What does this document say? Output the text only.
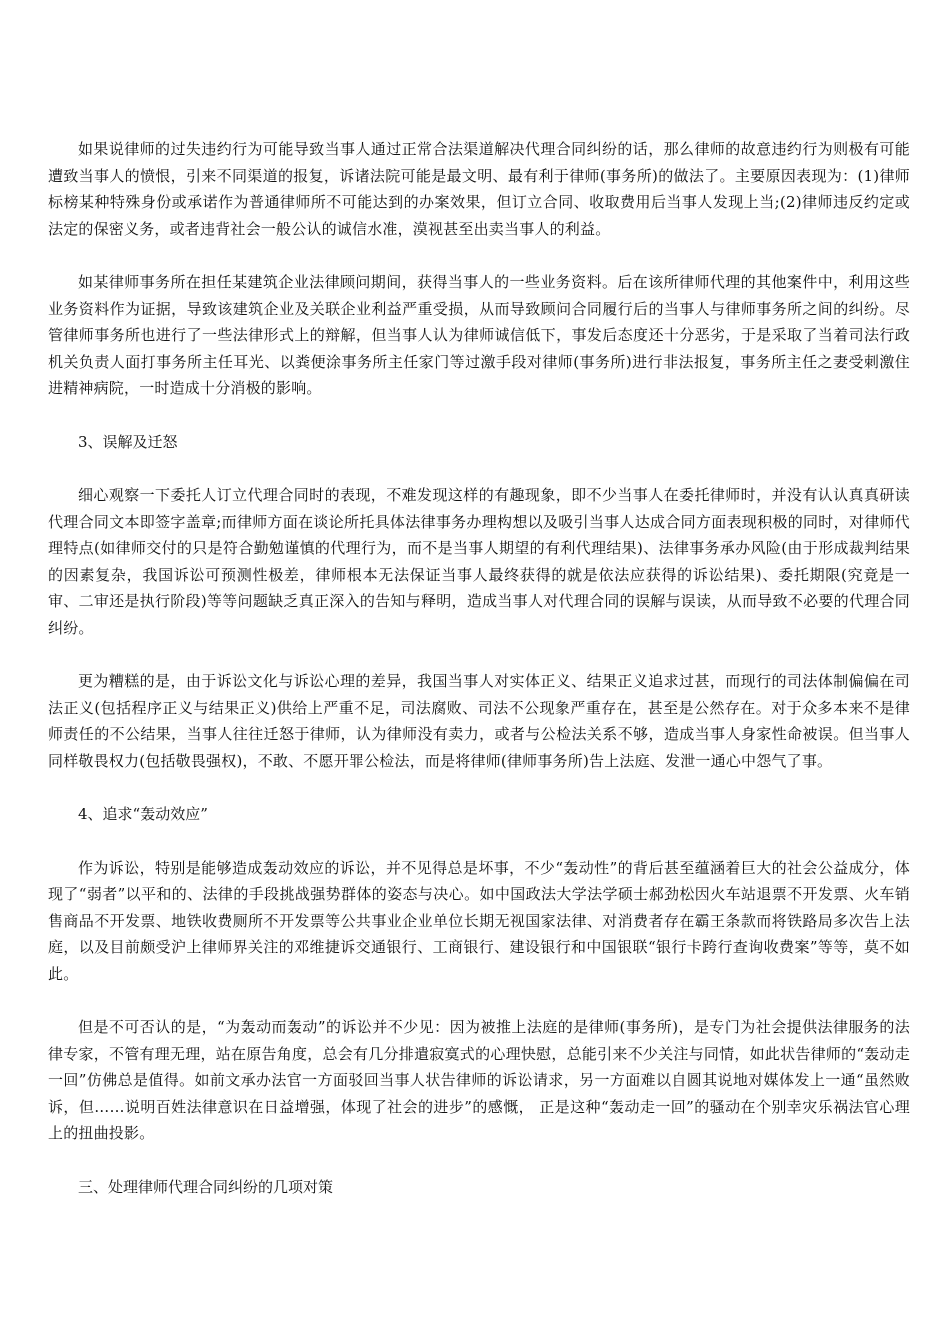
如果说律师的过失违约行为可能导致当事人通过正常合法渠道解决代理合同纠纷的话，那么律师的故意违约行为则极有可能遭致当事人的愤恨，引来不同渠道的报复，诉诸法院可能是最文明、最有利于律师(事务所)的做法了。主要原因表现为：(1)律师标榜某种特殊身份或承诺作为普通律师所不可能达到的办案效果，但订立合同、收取费用后当事人发现上当;(2)律师违反约定或法定的保密义务，或者违背社会一般公认的诚信水准，漠视甚至出卖当事人的利益。

如某律师事务所在担任某建筑企业法律顾问期间，获得当事人的一些业务资料。后在该所律师代理的其他案件中，利用这些业务资料作为证据，导致该建筑企业及关联企业利益严重受损，从而导致顾问合同履行后的当事人与律师事务所之间的纠纷。尽管律师事务所也进行了一些法律形式上的辩解，但当事人认为律师诚信低下，事发后态度还十分恶劣，于是采取了当着司法行政机关负责人面打事务所主任耳光、以粪便涂事务所主任家门等过激手段对律师(事务所)进行非法报复，事务所主任之妻受刺激住进精神病院，一时造成十分消极的影响。

3、误解及迁怒

细心观察一下委托人订立代理合同时的表现，不难发现这样的有趣现象，即不少当事人在委托律师时，并没有认认真真研读代理合同文本即签字盖章;而律师方面在谈论所托具体法律事务办理构想以及吸引当事人达成合同方面表现积极的同时，对律师代理特点(如律师交付的只是符合勤勉谨慎的代理行为，而不是当事人期望的有利代理结果)、法律事务承办风险(由于形成裁判结果的因素复杂，我国诉讼可预测性极差，律师根本无法保证当事人最终获得的就是依法应获得的诉讼结果)、委托期限(究竟是一审、二审还是执行阶段)等等问题缺乏真正深入的告知与释明，造成当事人对代理合同的误解与误读，从而导致不必要的代理合同纠纷。

更为糟糕的是，由于诉讼文化与诉讼心理的差异，我国当事人对实体正义、结果正义追求过甚，而现行的司法体制偏偏在司法正义(包括程序正义与结果正义)供给上严重不足，司法腐败、司法不公现象严重存在，甚至是公然存在。对于众多本来不是律师责任的不公结果，当事人往往迁怒于律师，认为律师没有卖力，或者与公检法关系不够，造成当事人身家性命被误。但当事人同样敬畏权力(包括敬畏强权)，不敢、不愿开罪公检法，而是将律师(律师事务所)告上法庭、发泄一通心中怨气了事。

4、追求“轰动效应”

作为诉讼，特别是能够造成轰动效应的诉讼，并不见得总是坏事，不少“轰动性”的背后甚至蕴涵着巨大的社会公益成分，体现了“弱者”以平和的、法律的手段挑战强势群体的姿态与决心。如中国政法大学法学硕士郝劲松因火车站退票不开发票、火车销售商品不开发票、地铁收费厕所不开发票等公共事业企业单位长期无视国家法律、对消费者存在霸王条款而将铁路局多次告上法庭，以及目前颇受沪上律师界关注的邓维捷诉交通银行、工商银行、建设银行和中国银联“银行卡跨行查询收费案”等等，莫不如此。

但是不可否认的是，“为轰动而轰动”的诉讼并不少见：因为被推上法庭的是律师(事务所)，是专门为社会提供法律服务的法律专家，不管有理无理，站在原告角度，总会有几分排遣寂寞式的心理快慰，总能引来不少关注与同情，如此状告律师的“轰动走一回”仿佛总是值得。如前文承办法官一方面驳回当事人状告律师的诉讼请求，另一方面难以自圆其说地对媒体发上一通“虽然败诉，但……说明百姓法律意识在日益增强，体现了社会的进步”的感慨， 正是这种“轰动走一回”的骚动在个别幸灾乐祸法官心理上的扭曲投影。

三、处理律师代理合同纠纷的几项对策
